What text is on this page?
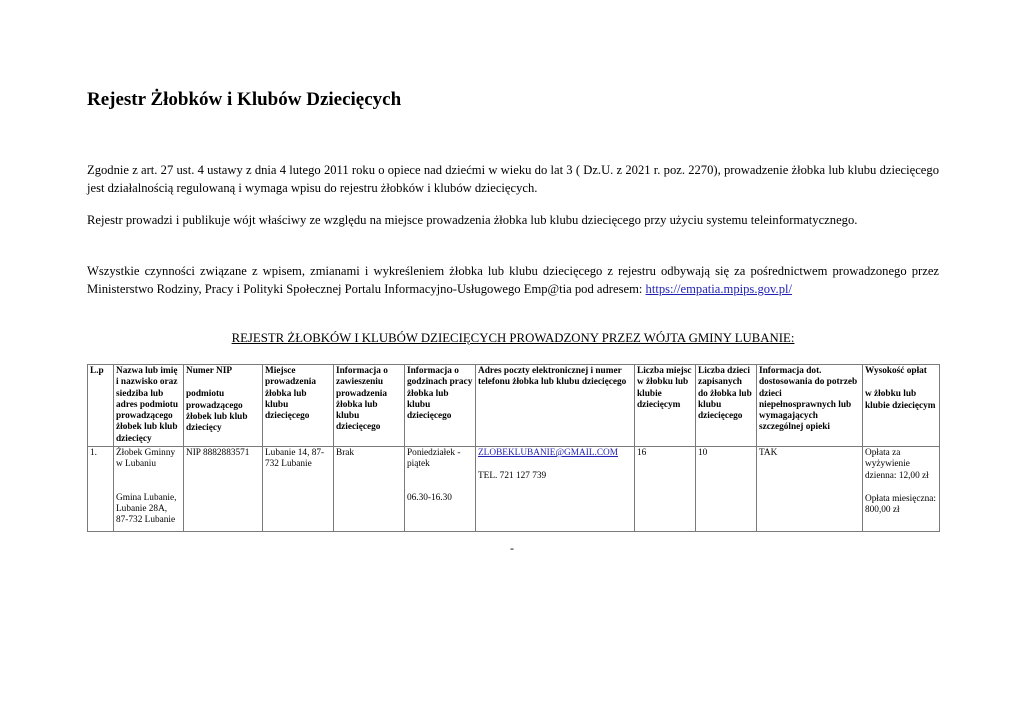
Rejestr Żłobków i Klubów Dziecięcych

Zgodnie z art. 27 ust. 4 ustawy z dnia 4 lutego 2011 roku o opiece nad dziećmi w wieku do lat 3 ( Dz.U. z 2021 r. poz. 2270), prowadzenie żłobka lub klubu dziecięcego jest działalnością regulowaną i wymaga wpisu do rejestru żłobków i klubów dziecięcych.

Rejestr prowadzi i publikuje wójt właściwy ze względu na miejsce prowadzenia żłobka lub klubu dziecięcego przy użyciu systemu teleinformatycznego.

Wszystkie czynności związane z wpisem, zmianami i wykreśleniem żłobka lub klubu dziecięcego z rejestru odbywają się za pośrednictwem prowadzonego przez Ministerstwo Rodziny, Pracy i Polityki Społecznej Portalu Informacyjno-Usługowego Emp@tia pod adresem: https://empatia.mpips.gov.pl/

REJESTR ŻŁOBKÓW I KLUBÓW DZIECIĘCYCH PROWADZONY PRZEZ WÓJTA GMINY LUBANIE:

L.p	Nazwa lub imię i nazwisko oraz siedziba lub adres podmiotu prowadzącego żłobek lub klub dziecięcy	Numer NIP
podmiotu prowadzącego żłobek lub klub dziecięcy	Miejsce prowadzenia żłobka lub klubu dziecięcego	Informacja o zawieszeniu prowadzenia żłobka lub klubu dziecięcego	Informacja o godzinach pracy żłobka lub klubu dziecięcego	Adres poczty elektronicznej i numer telefonu żłobka lub klubu dziecięcego	Liczba miejsc w żłobku lub klubie dziecięcym	Liczba dzieci zapisanych do żłobka lub klubu dziecięcego	Informacja dot. dostosowania do potrzeb dzieci niepełnosprawnych lub wymagających szczególnej opieki	Wysokość opłat
w żłobku lub klubie dziecięcym
1.	Żłobek Gminny w Lubaniu
Gmina Lubanie, Lubanie 28A, 87-732 Lubanie	NIP 8882883571	Lubanie 14, 87-732 Lubanie	Brak	Poniedziałek - piątek
06.30-16.30	ZLOBEKLUBANIE@GMAIL.COM
TEL. 721 127 739	16	10	TAK	Opłata za wyżywienie dzienna: 12,00 zł
Opłata miesięczna: 800,00 zł
-
